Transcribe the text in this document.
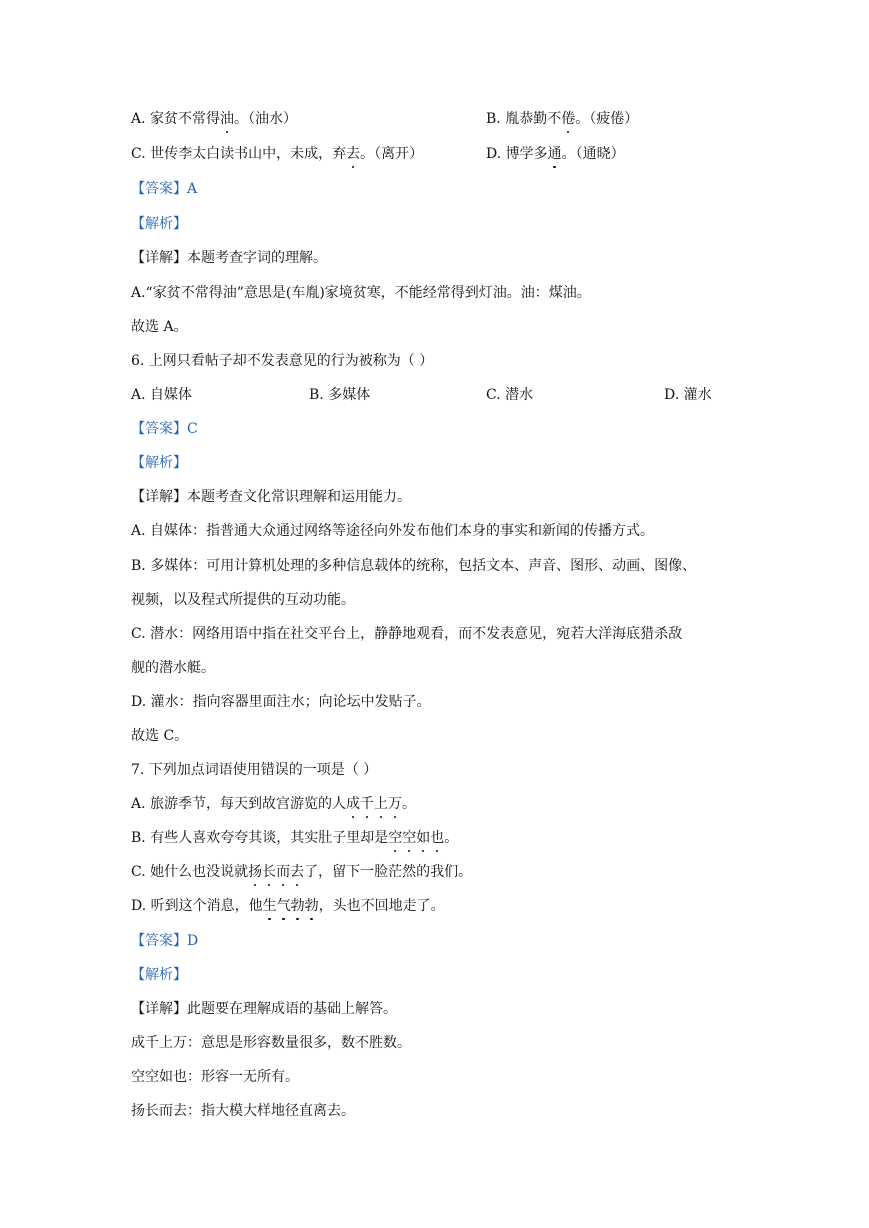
A. 家贫不常得油。（油水）	B. 胤恭勤不倦。（疲倦）
C. 世传李太白读书山中，未成，弃去。（离开）	D. 博学多通。（通晓）
【答案】A
【解析】
【详解】本题考查字词的理解。
A.“家贫不常得油”意思是(车胤)家境贫寒，不能经常得到灯油。油：煤油。
故选 A。
6. 上网只看帖子却不发表意见的行为被称为（ ）
A. 自媒体	B. 多媒体	C. 潜水	D. 灌水
【答案】C
【解析】
【详解】本题考查文化常识理解和运用能力。
A. 自媒体：指普通大众通过网络等途径向外发布他们本身的事实和新闻的传播方式。
B. 多媒体：可用计算机处理的多种信息载体的统称，包括文本、声音、图形、动画、图像、
视频，以及程式所提供的互动功能。
C. 潜水：网络用语中指在社交平台上，静静地观看，而不发表意见，宛若大洋海底猎杀敌
舰的潜水艇。
D. 灌水：指向容器里面注水；向论坛中发贴子。
故选 C。
7. 下列加点词语使用错误的一项是（ ）
A. 旅游季节，每天到故宫游览的人成千上万。
B. 有些人喜欢夸夸其谈，其实肚子里却是空空如也。
C. 她什么也没说就扬长而去了，留下一脸茫然的我们。
D. 听到这个消息，他生气勃勃，头也不回地走了。
【答案】D
【解析】
【详解】此题要在理解成语的基础上解答。
成千上万：意思是形容数量很多，数不胜数。
空空如也：形容一无所有。
扬长而去：指大模大样地径直离去。
